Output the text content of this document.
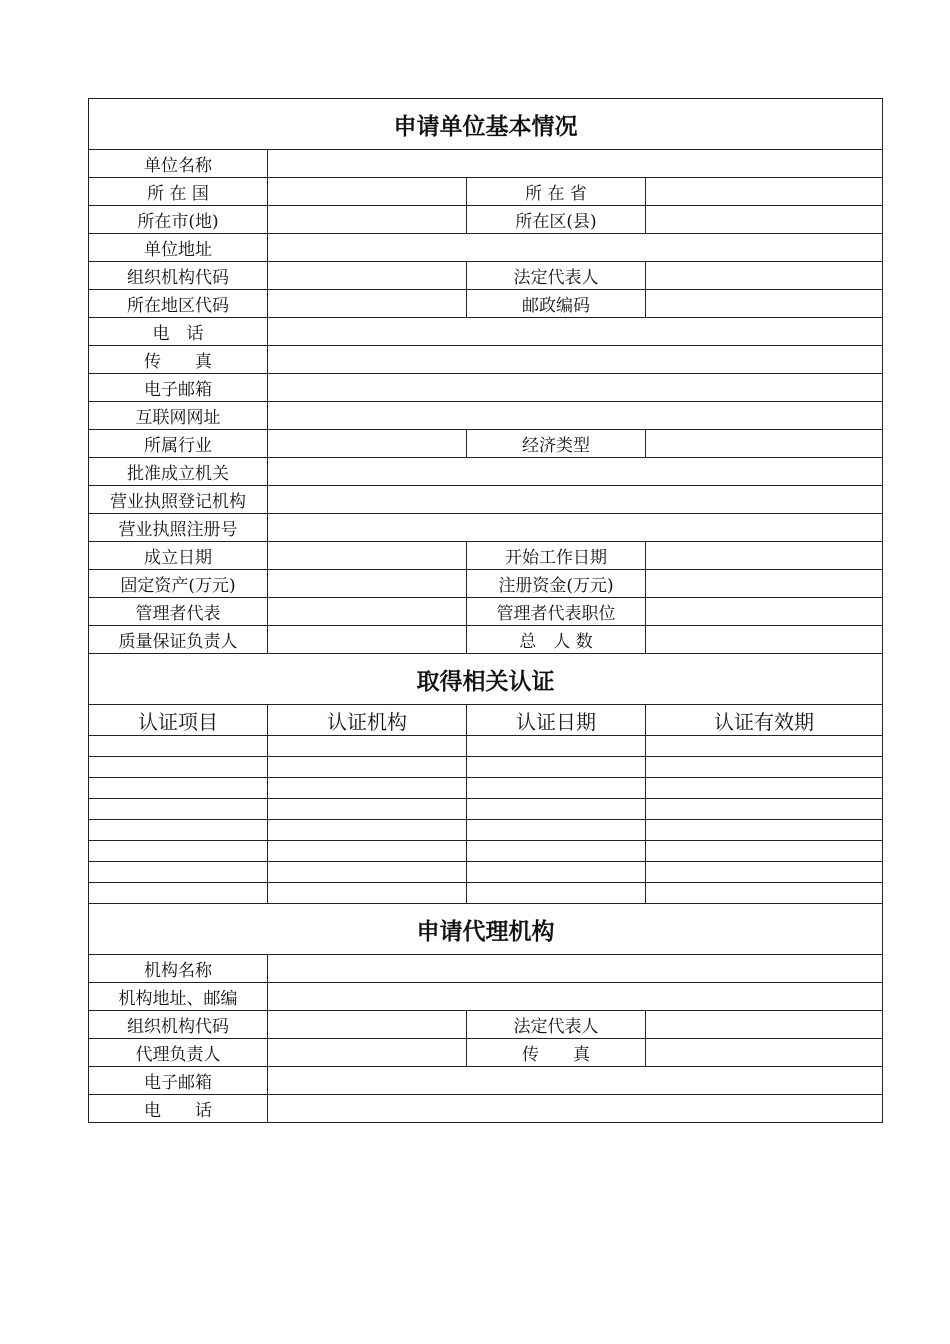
申请单位基本情况			
单位名称			
所 在 国		所 在 省	
所在市(地)		所在区(县)	
单位地址			
组织机构代码		法定代表人	
所在地区代码		邮政编码	
电　话			
传　　真			
电子邮箱			
互联网网址			
所属行业		经济类型	
批准成立机关			
营业执照登记机构			
营业执照注册号			
成立日期		开始工作日期	
固定资产(万元)		注册资金(万元)	
管理者代表		管理者代表职位	
质量保证负责人		总　人 数	
取得相关认证			
认证项目	认证机构	认证日期	认证有效期

申请代理机构			
机构名称			
机构地址、邮编			
组织机构代码		法定代表人	
代理负责人		传　　真	
电子邮箱			
电　　话			
